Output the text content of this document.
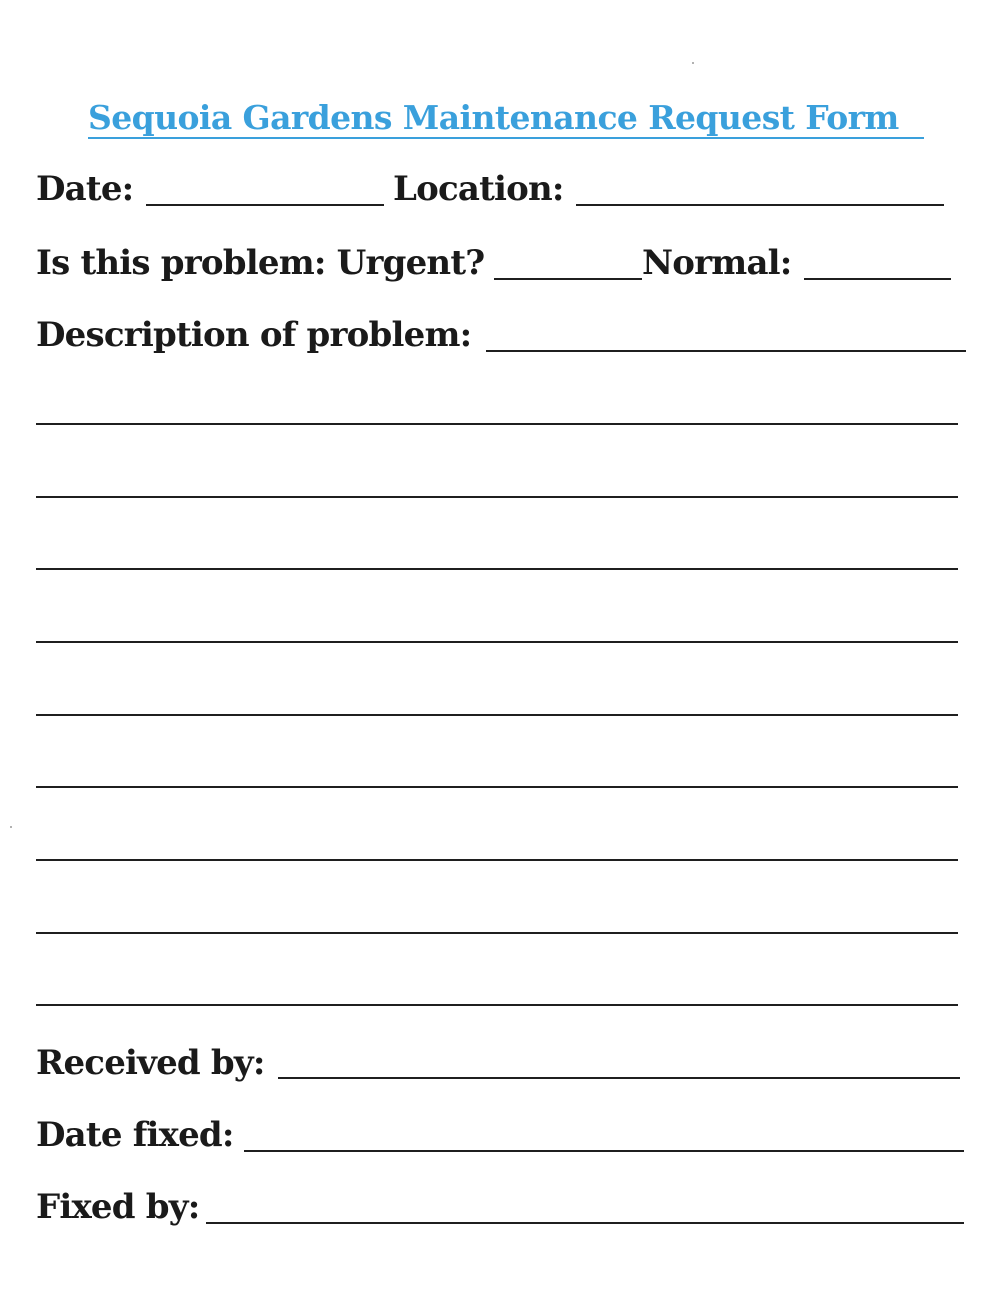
Sequoia Gardens Maintenance Request Form
Date:	Location:
Is this problem: Urgent?	Normal:
Description of problem:
Received by:
Date fixed:
Fixed by:
